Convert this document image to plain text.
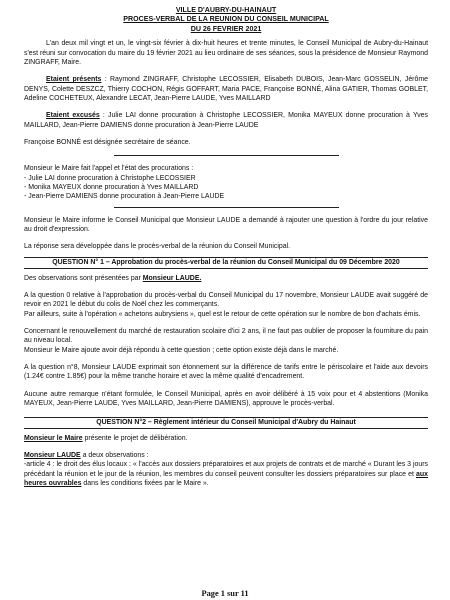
VILLE D'AUBRY-DU-HAINAUT
PROCES-VERBAL DE LA REUNION DU CONSEIL MUNICIPAL
DU 26 FEVRIER 2021

L'an deux mil vingt et un, le vingt-six février à dix-huit heures et trente minutes, le Conseil Municipal de Aubry-du-Hainaut s'est réuni sur convocation du maire du 19 février 2021 au lieu ordinaire de ses séances, sous la présidence de Monsieur Raymond ZINGRAFF, Maire.

Etaient présents : Raymond ZINGRAFF, Christophe LECOSSIER, Elisabeth DUBOIS, Jean-Marc GOSSELIN, Jérôme DENYS, Colette DESZCZ, Thierry COCHON, Régis GOFFART, Maria PACE, Françoise BONNÉ, Alina GATIER, Thomas GOBLET, Adeline COCHETEUX, Alexandre LECAT, Jean-Pierre LAUDE, Yves MAILLARD

Etaient excusés : Julie LAI donne procuration à Christophe LECOSSIER, Monika MAYEUX donne procuration à Yves MAILLARD, Jean-Pierre DAMIENS donne procuration à Jean-Pierre LAUDE

Françoise BONNÉ est désignée secrétaire de séance.

Monsieur le Maire fait l'appel et l'état des procurations :

- Julie LAI donne procuration à Christophe LECOSSIER

- Monika MAYEUX donne procuration à Yves MAILLARD

- Jean-Pierre DAMIENS donne procuration à Jean-Pierre LAUDE

Monsieur le Maire informe le Conseil Municipal que Monsieur LAUDE a demandé à rajouter une question à l'ordre du jour relative au droit d'expression.

La réponse sera développée dans le procès-verbal de la réunion du Conseil Municipal.

QUESTION N° 1 – Approbation du procès-verbal de la réunion du Conseil Municipal du 09 Décembre 2020

Des observations sont présentées par Monsieur LAUDE.

A la question 0 relative à l'approbation du procès-verbal du Conseil Municipal du 17 novembre, Monsieur LAUDE avait suggéré de revoir en 2021 le début du colis de Noël chez les commerçants.

Par ailleurs, suite à l'opération « achetons aubrysiens », quel est le retour de cette opération sur le nombre de bon d'achats émis.

Concernant le renouvellement du marché de restauration scolaire d'ici 2 ans, il ne faut pas oublier de proposer la fourniture du pain au niveau local.

Monsieur le Maire ajoute avoir déjà répondu à cette question ; cette option existe déjà dans le marché.

A la question n°8, Monsieur LAUDE exprimait son étonnement sur la différence de tarifs entre le périscolaire et l'aide aux devoirs (1.24€ contre 1.85€) pour la même tranche horaire et avec la même qualité d'encadrement.

Aucune autre remarque n'étant formulée, le Conseil Municipal, après en avoir délibéré à 15 voix pour et 4 abstentions (Monika MAYEUX, Jean-Pierre LAUDE, Yves MAILLARD, Jean-Pierre DAMIENS), approuve le procès-verbal.

QUESTION N°2 – Règlement intérieur du Conseil Municipal d'Aubry du Hainaut

Monsieur le Maire présente le projet de délibération.

Monsieur LAUDE a deux observations :

-article 4 : le droit des élus locaux : « l'accès aux dossiers préparatoires et aux projets de contrats et de marché « Durant les 3 jours précédant la réunion et le jour de la réunion, les membres du conseil peuvent consulter les dossiers préparatoires sur place et aux heures ouvrables dans les conditions fixées par le Maire ».

Page 1 sur 11
